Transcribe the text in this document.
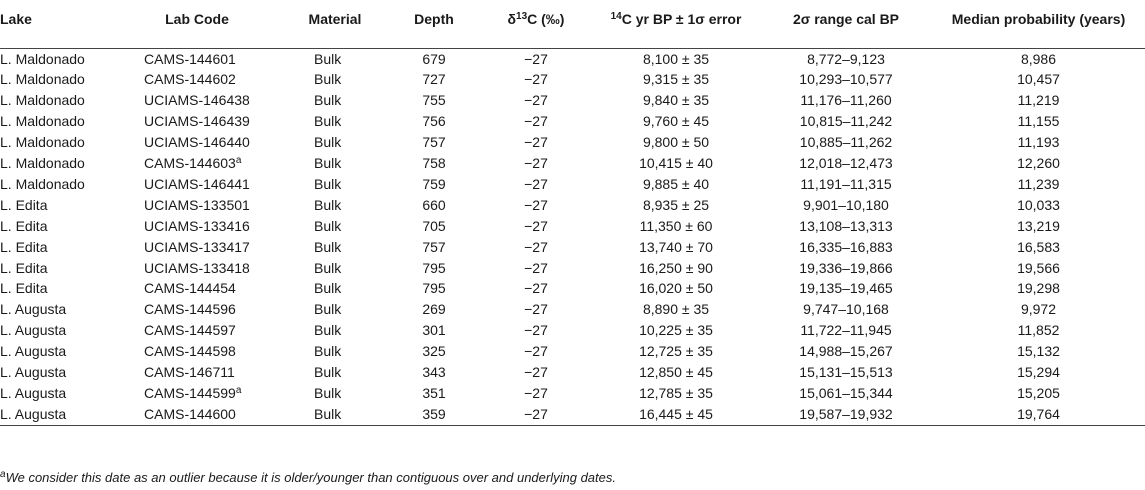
Lake	Lab Code	Material	Depth	$\delta^{13}C$ (‰)	$^{14}$C yr BP ± 1σ error	2σ range cal BP	Median probability (years)
L. Maldonado	CAMS-144601	Bulk	679	−27	8,100 ± 35	8,772–9,123	8,986
L. Maldonado	CAMS-144602	Bulk	727	−27	9,315 ± 35	10,293–10,577	10,457
L. Maldonado	UCIAMS-146438	Bulk	755	−27	9,840 ± 35	11,176–11,260	11,219
L. Maldonado	UCIAMS-146439	Bulk	756	−27	9,760 ± 45	10,815–11,242	11,155
L. Maldonado	UCIAMS-146440	Bulk	757	−27	9,800 ± 50	10,885–11,262	11,193
L. Maldonado	CAMS-144603$^a$	Bulk	758	−27	10,415 ± 40	12,018–12,473	12,260
L. Maldonado	UCIAMS-146441	Bulk	759	−27	9,885 ± 40	11,191–11,315	11,239
L. Edita	UCIAMS-133501	Bulk	660	−27	8,935 ± 25	9,901–10,180	10,033
L. Edita	UCIAMS-133416	Bulk	705	−27	11,350 ± 60	13,108–13,313	13,219
L. Edita	UCIAMS-133417	Bulk	757	−27	13,740 ± 70	16,335–16,883	16,583
L. Edita	UCIAMS-133418	Bulk	795	−27	16,250 ± 90	19,336–19,866	19,566
L. Edita	CAMS-144454	Bulk	795	−27	16,020 ± 50	19,135–19,465	19,298
L. Augusta	CAMS-144596	Bulk	269	−27	8,890 ± 35	9,747–10,168	9,972
L. Augusta	CAMS-144597	Bulk	301	−27	10,225 ± 35	11,722–11,945	11,852
L. Augusta	CAMS-144598	Bulk	325	−27	12,725 ± 35	14,988–15,267	15,132
L. Augusta	CAMS-146711	Bulk	343	−27	12,850 ± 45	15,131–15,513	15,294
L. Augusta	CAMS-144599$^a$	Bulk	351	−27	12,785 ± 35	15,061–15,344	15,205
L. Augusta	CAMS-144600	Bulk	359	−27	16,445 ± 45	19,587–19,932	19,764
$^a$We consider this date as an outlier because it is older/younger than contiguous over and underlying dates.
